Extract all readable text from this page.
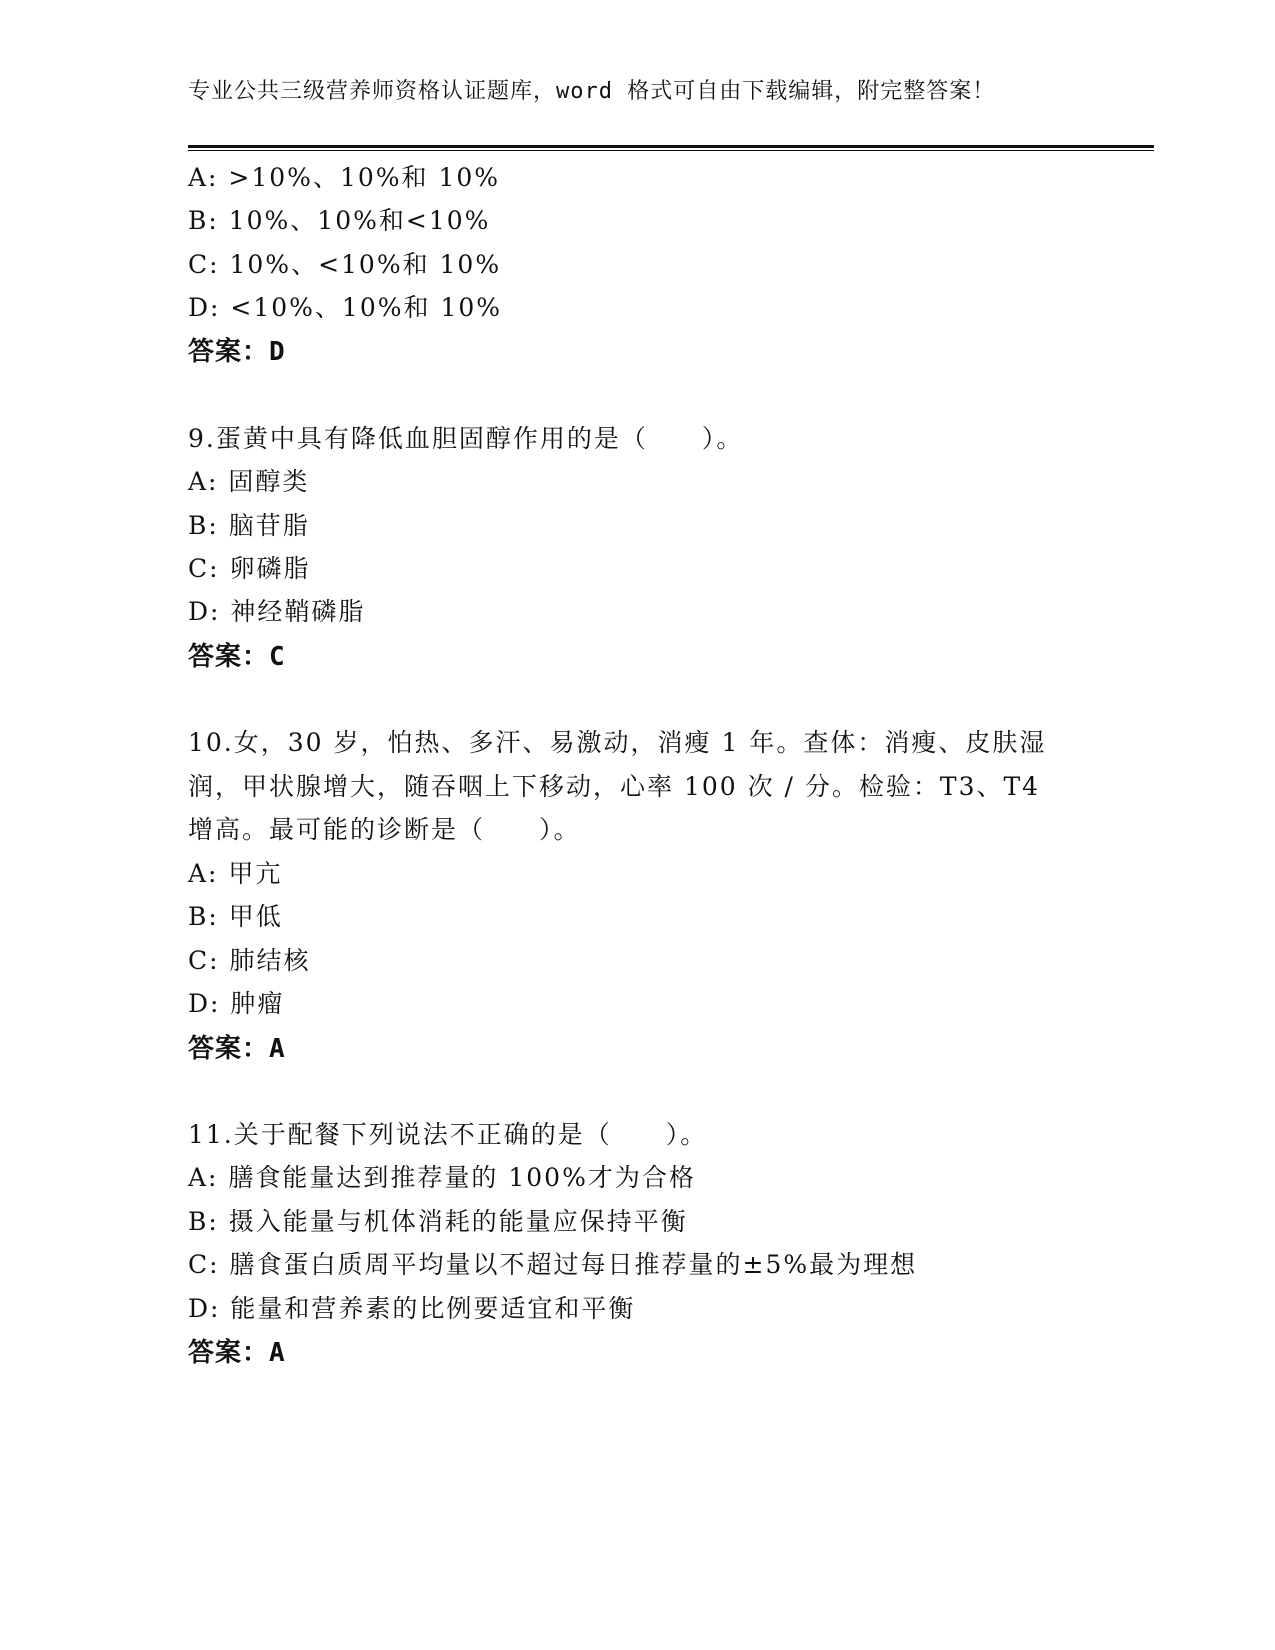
专业公共三级营养师资格认证题库，word 格式可自由下载编辑，附完整答案！
A: >10%、10%和 10%
B: 10%、10%和<10%
C: 10%、<10%和 10%
D: <10%、10%和 10%
答案：D
9.蛋黄中具有降低血胆固醇作用的是（　　）。
A: 固醇类
B: 脑苷脂
C: 卵磷脂
D: 神经鞘磷脂
答案：C
10.女，30 岁，怕热、多汗、易激动，消瘦 1 年。查体：消瘦、皮肤湿
润，甲状腺增大，随吞咽上下移动，心率 100 次 / 分。检验：T3、T4
增高。最可能的诊断是（　　）。
A: 甲亢
B: 甲低
C: 肺结核
D: 肿瘤
答案：A
11.关于配餐下列说法不正确的是（　　）。
A: 膳食能量达到推荐量的 100%才为合格
B: 摄入能量与机体消耗的能量应保持平衡
C: 膳食蛋白质周平均量以不超过每日推荐量的±5%最为理想
D: 能量和营养素的比例要适宜和平衡
答案：A
